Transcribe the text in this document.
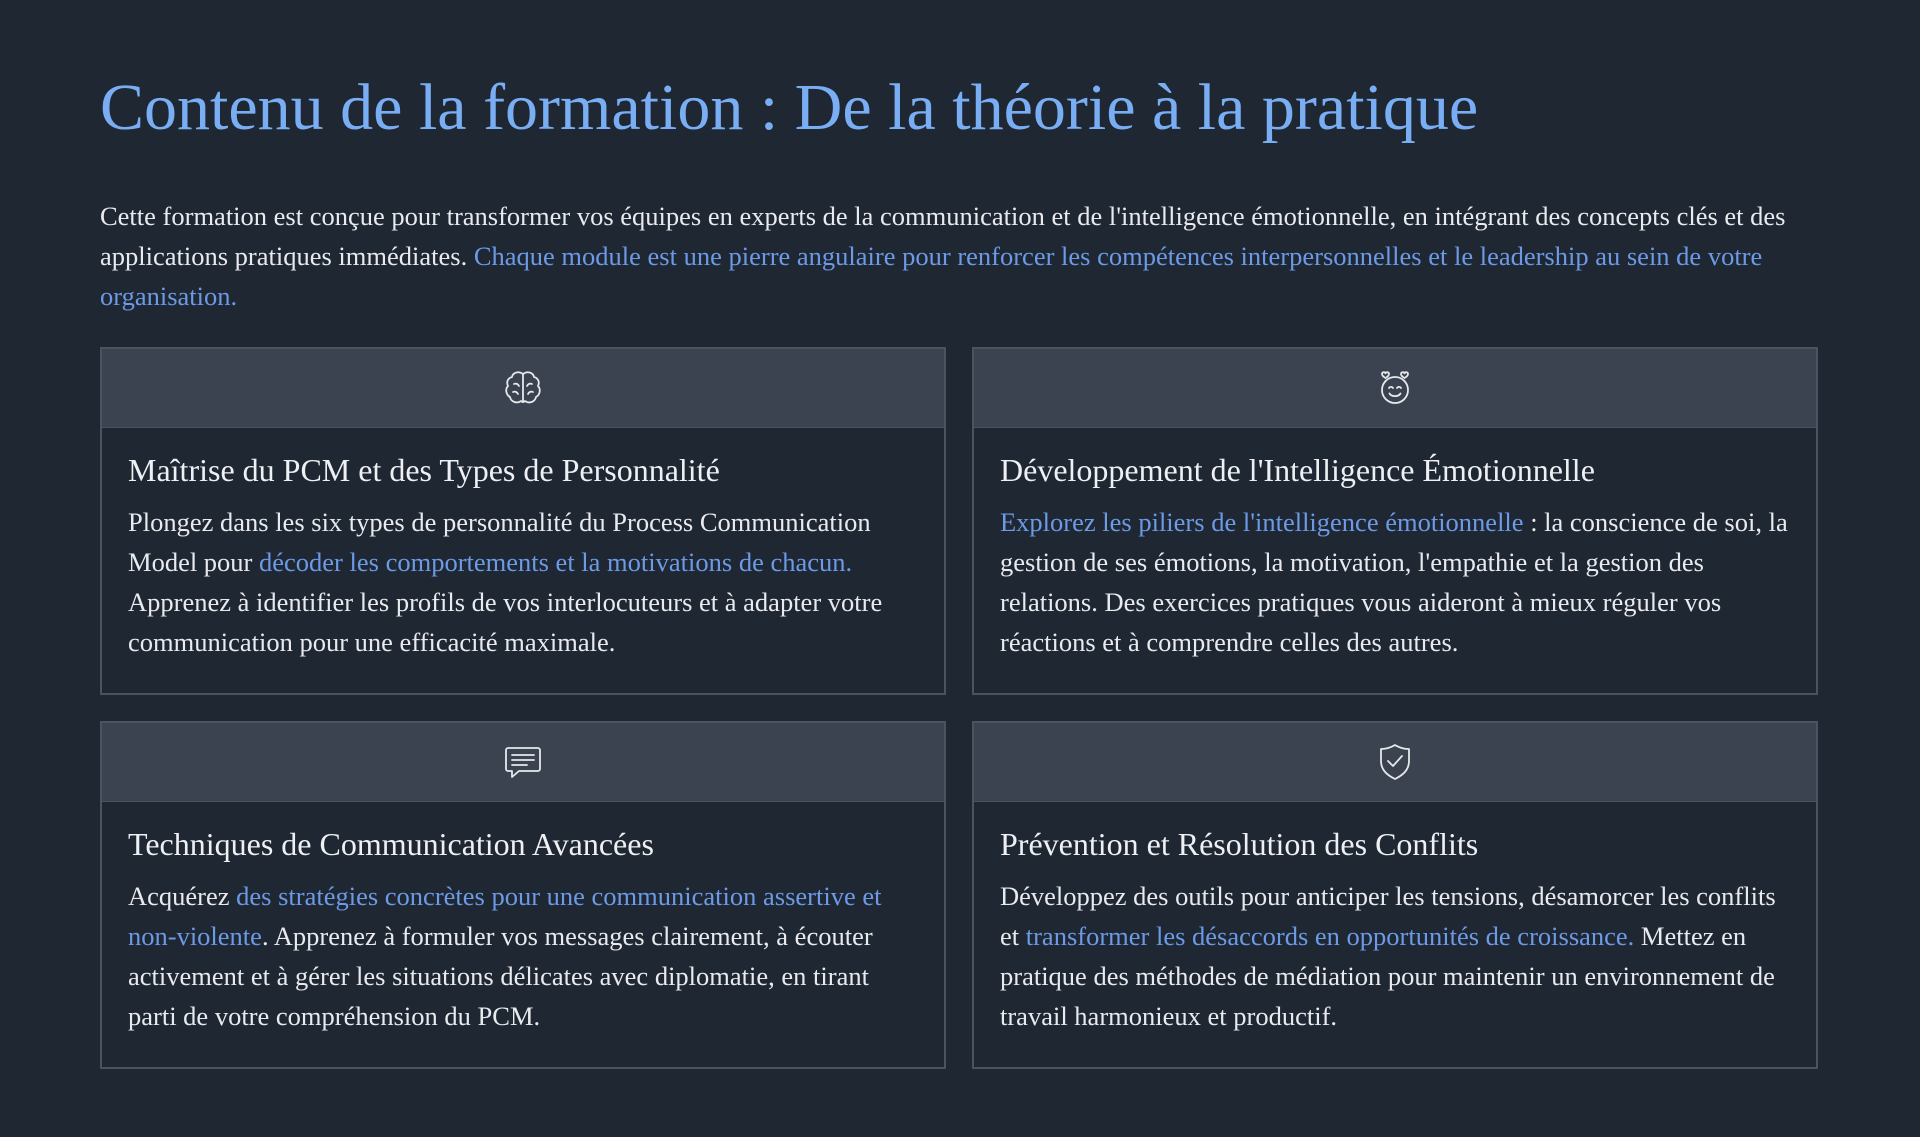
Contenu de la formation : De la théorie à la pratique

Cette formation est conçue pour transformer vos équipes en experts de la communication et de l'intelligence émotionnelle, en intégrant des concepts clés et des applications pratiques immédiates. Chaque module est une pierre angulaire pour renforcer les compétences interpersonnelles et le leadership au sein de votre organisation.

Maîtrise du PCM et des Types de Personnalité

Plongez dans les six types de personnalité du Process Communication Model pour décoder les comportements et la motivations de chacun. Apprenez à identifier les profils de vos interlocuteurs et à adapter votre communication pour une efficacité maximale.

Développement de l'Intelligence Émotionnelle

Explorez les piliers de l'intelligence émotionnelle : la conscience de soi, la gestion de ses émotions, la motivation, l'empathie et la gestion des relations. Des exercices pratiques vous aideront à mieux réguler vos réactions et à comprendre celles des autres.

Techniques de Communication Avancées

Acquérez des stratégies concrètes pour une communication assertive et non-violente. Apprenez à formuler vos messages clairement, à écouter activement et à gérer les situations délicates avec diplomatie, en tirant parti de votre compréhension du PCM.

Prévention et Résolution des Conflits

Développez des outils pour anticiper les tensions, désamorcer les conflits et transformer les désaccords en opportunités de croissance. Mettez en pratique des méthodes de médiation pour maintenir un environnement de travail harmonieux et productif.
